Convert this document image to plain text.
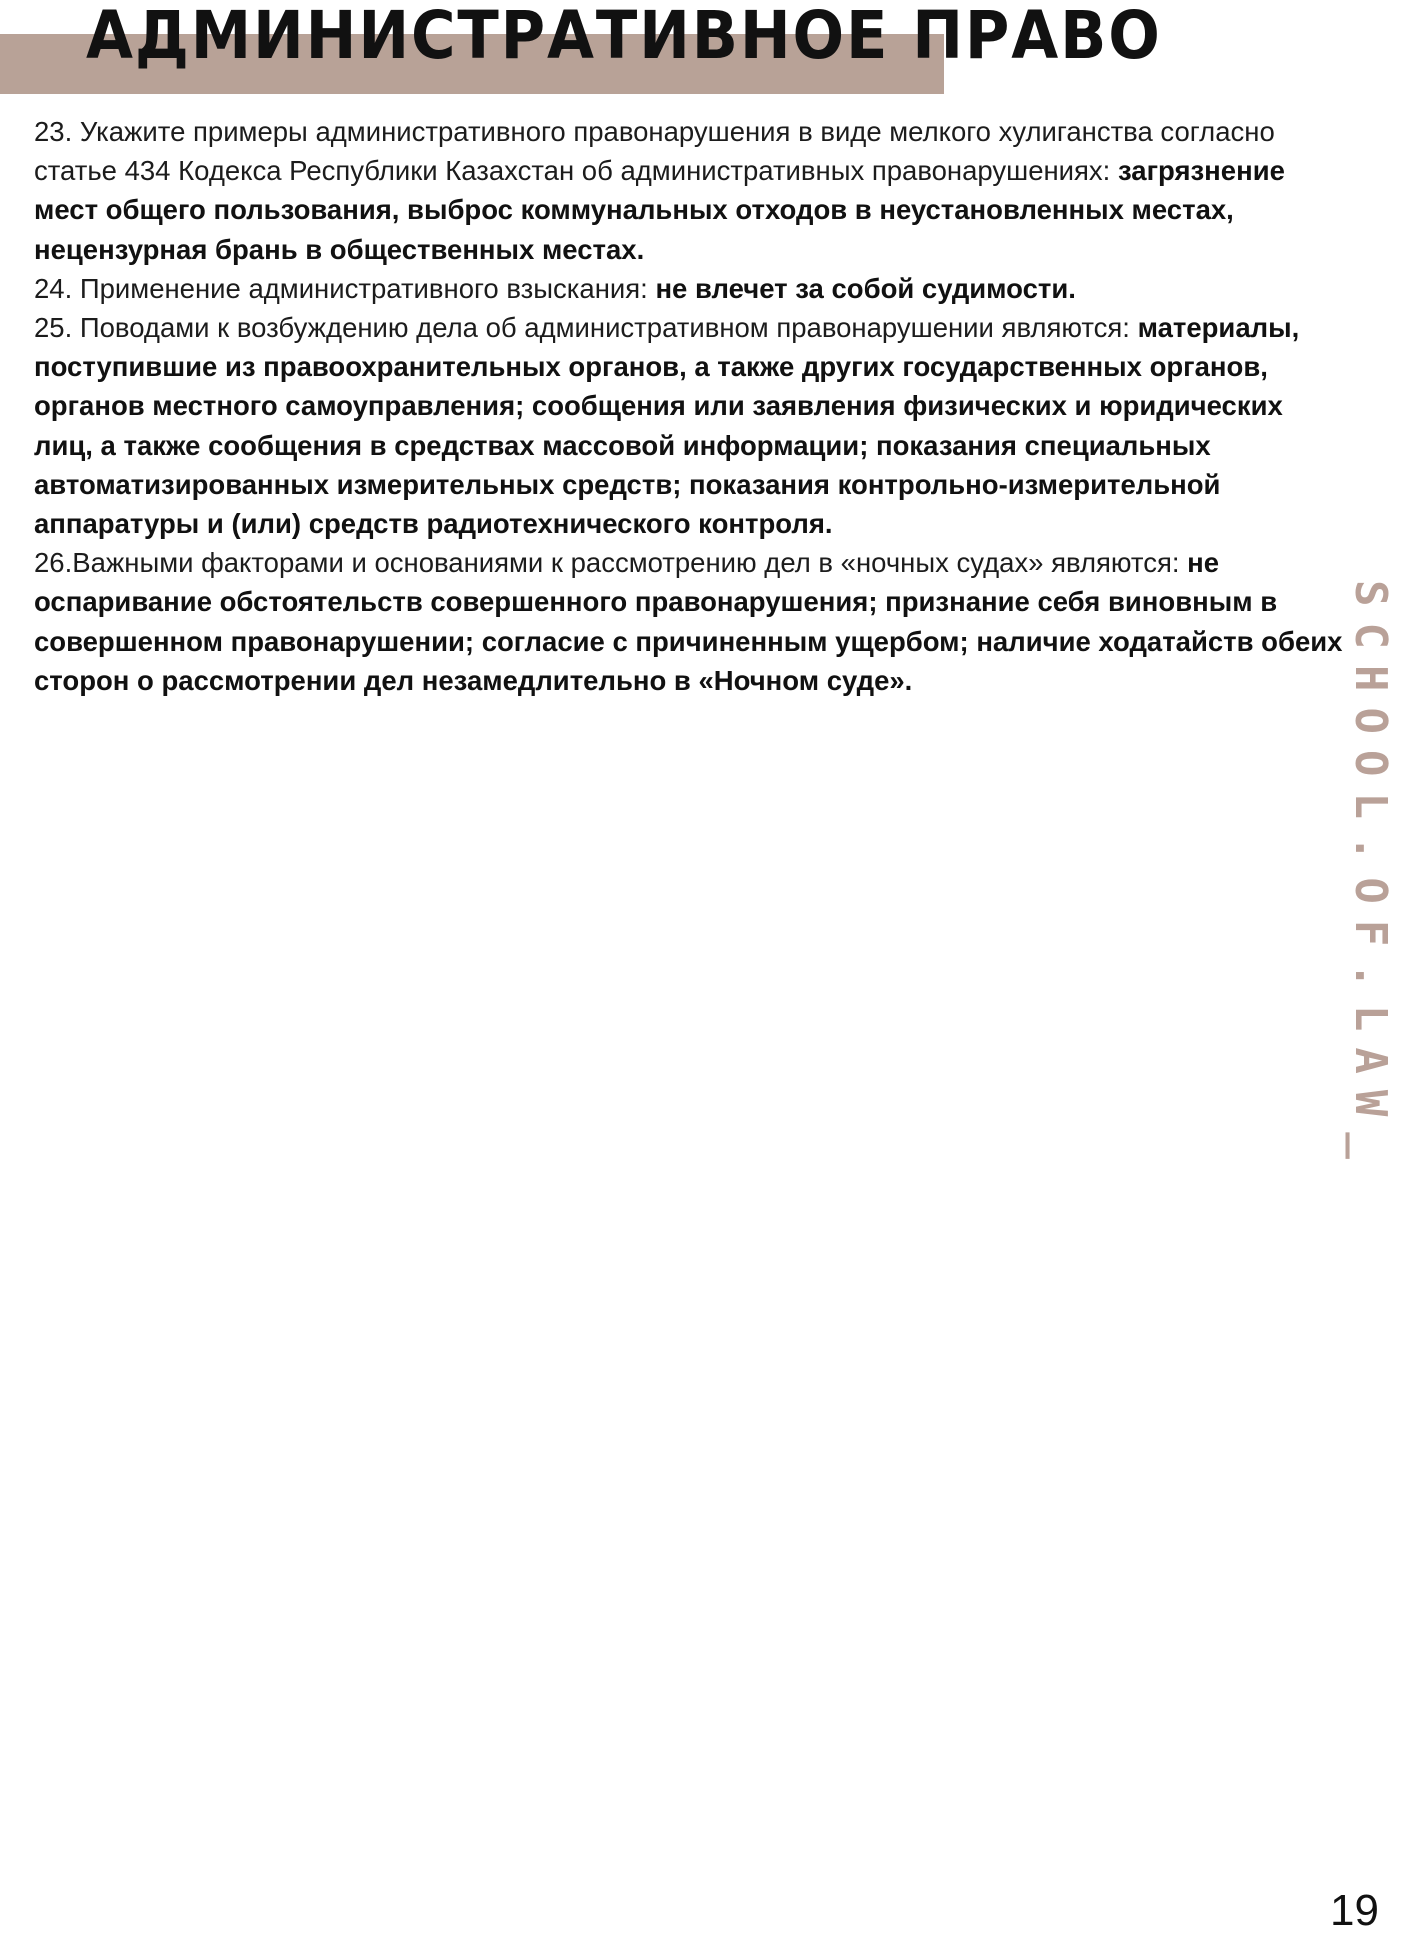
АДМИНИСТРАТИВНОЕ ПРАВО

23. Укажите примеры административного правонарушения в виде мелкого хулиганства согласно статье 434 Кодекса Республики Казахстан об административных правонарушениях: загрязнение мест общего пользования, выброс коммунальных отходов в неустановленных местах, нецензурная брань в общественных местах.

24. Применение административного взыскания: не влечет за собой судимости.

25. Поводами к возбуждению дела об административном правонарушении являются: материалы, поступившие из правоохранительных органов, а также других государственных органов, органов местного самоуправления; сообщения или заявления физических и юридических лиц, а также сообщения в средствах массовой информации; показания специальных автоматизированных измерительных средств; показания контрольно-измерительной аппаратуры и (или) средств радиотехнического контроля.

26.Важными факторами и основаниями к рассмотрению дел в «ночных судах» являются: не оспаривание обстоятельств совершенного правонарушения; признание себя виновным в совершенном правонарушении; согласие с причиненным ущербом; наличие ходатайств обеих сторон о рассмотрении дел незамедлительно в «Ночном суде».	SCHOOL.OF.LAW_
19
